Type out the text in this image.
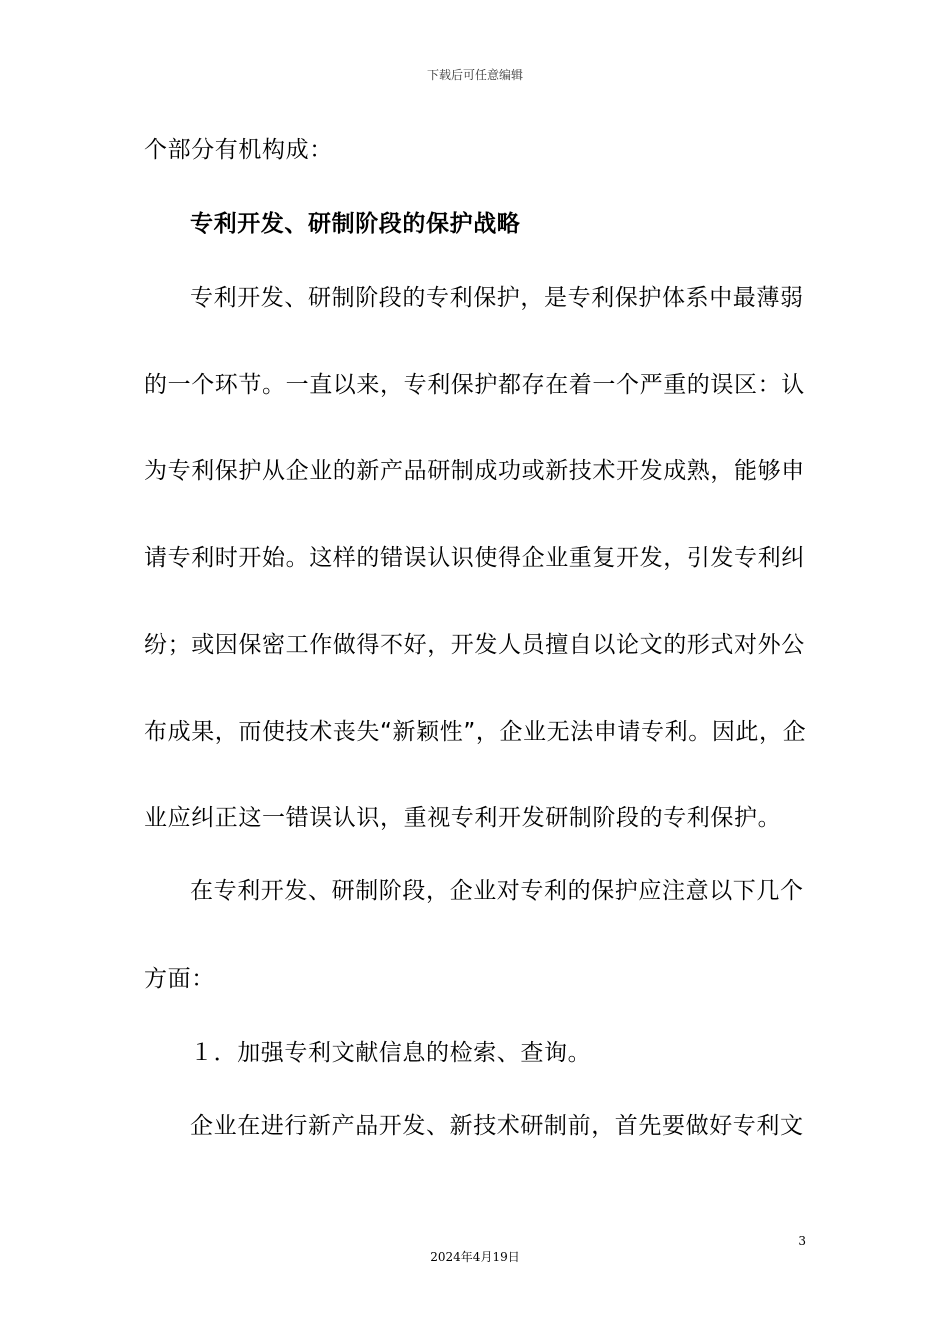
下载后可任意编辑
个部分有机构成：
专利开发、研制阶段的保护战略
专利开发、研制阶段的专利保护，是专利保护体系中最薄弱
的一个环节。一直以来，专利保护都存在着一个严重的误区：认
为专利保护从企业的新产品研制成功或新技术开发成熟，能够申
请专利时开始。这样的错误认识使得企业重复开发，引发专利纠
纷；或因保密工作做得不好，开发人员擅自以论文的形式对外公
布成果，而使技术丧失“新颖性”，企业无法申请专利。因此，企
业应纠正这一错误认识，重视专利开发研制阶段的专利保护。
在专利开发、研制阶段，企业对专利的保护应注意以下几个
方面：
１．加强专利文献信息的检索、查询。
企业在进行新产品开发、新技术研制前，首先要做好专利文
3
2024年4月19日
